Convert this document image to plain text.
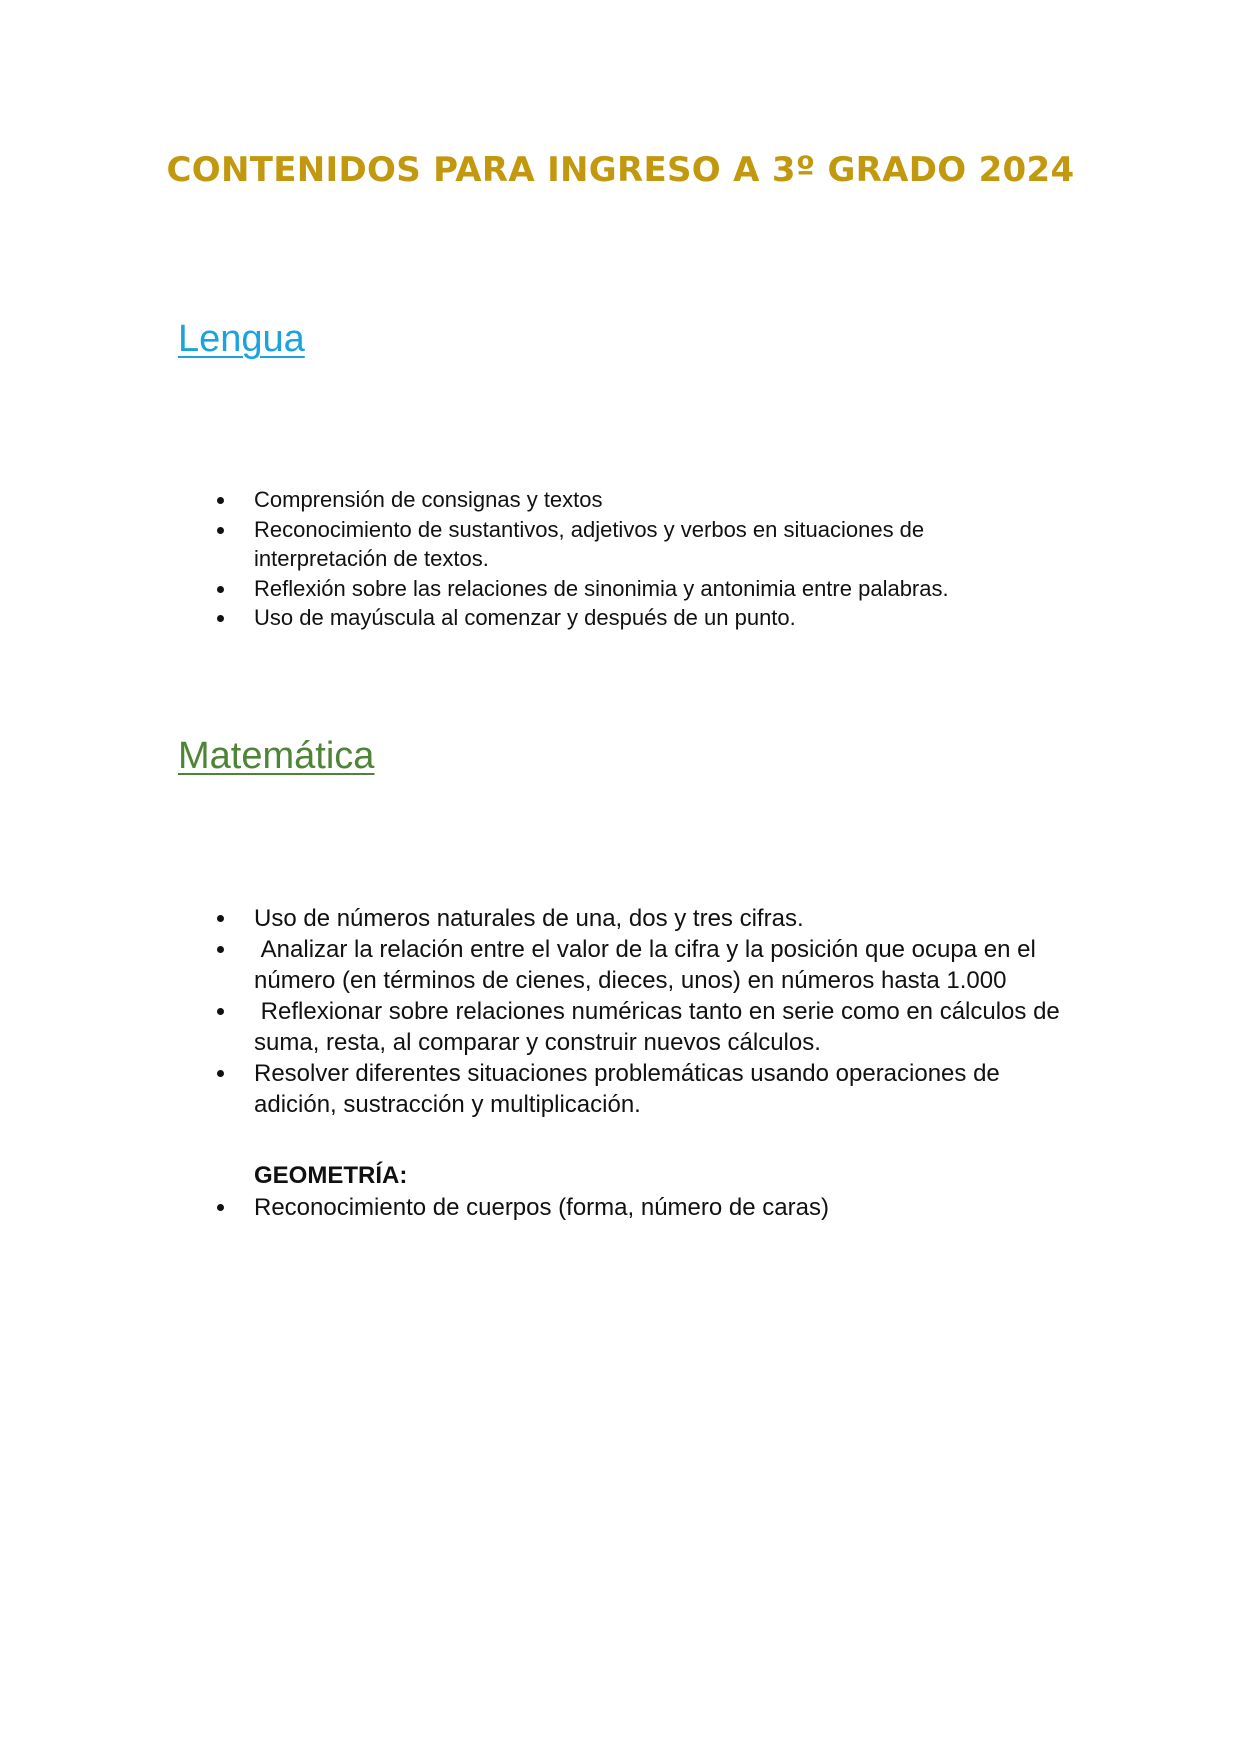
CONTENIDOS PARA INGRESO A 3º GRADO 2024
Lengua
Comprensión de consignas y textos
Reconocimiento de sustantivos, adjetivos y verbos en situaciones de interpretación de textos.
Reflexión sobre las relaciones de sinonimia y antonimia entre palabras.
Uso de mayúscula al comenzar y después de un punto.
Matemática
Uso de números naturales de una, dos y tres cifras.
Analizar la relación entre el valor de la cifra y la posición que ocupa en el número (en términos de cienes, dieces, unos) en números hasta 1.000
Reflexionar sobre relaciones numéricas tanto en serie como en cálculos de suma, resta, al comparar y construir nuevos cálculos.
Resolver diferentes situaciones problemáticas usando operaciones de adición, sustracción y multiplicación.

GEOMETRÍA:

Reconocimiento de cuerpos (forma, número de caras)
